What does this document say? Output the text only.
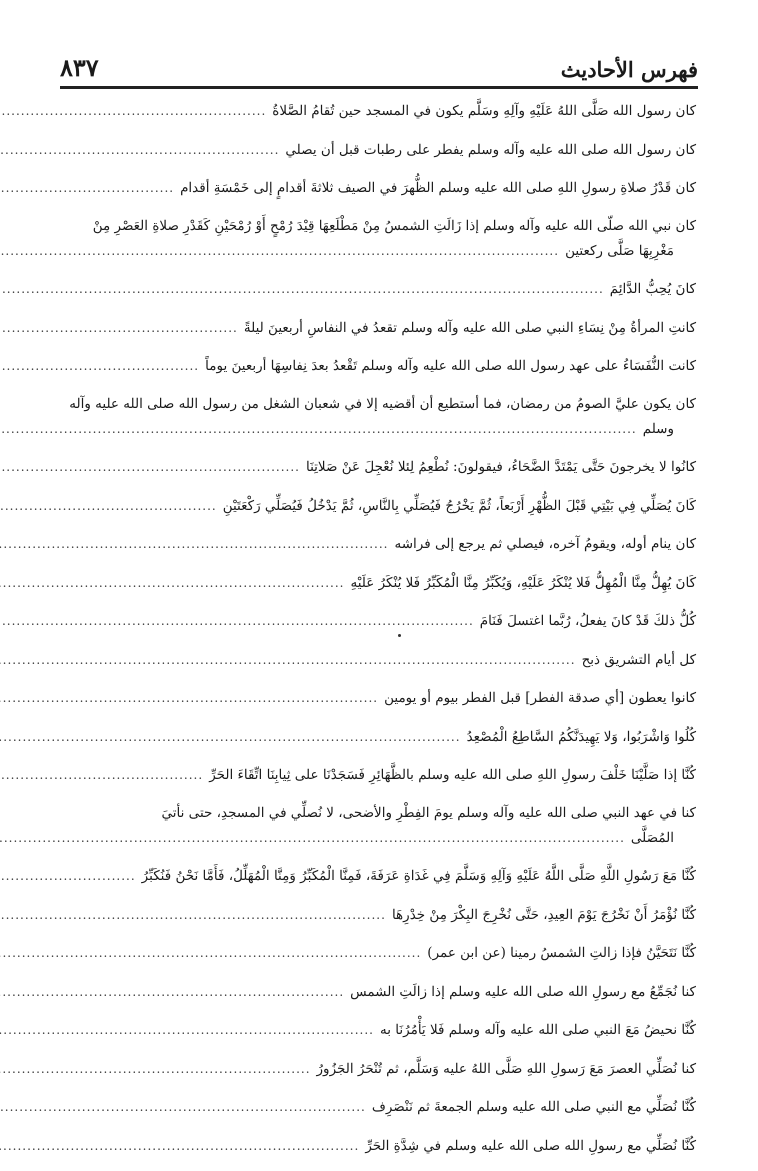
٨٣٧	فهرس الأحاديث
كان رسول الله صَلَّى اللهُ عَلَيْهِ وآلِهِ وسَلَّم يكون في المسجد حين تُقامُ الصَّلاةُ
.....
كان رسول الله صلى الله عليه وآله وسلم يفطر على رطبات قبل أن يصلي
.....
كان قَدْرُ صلاةِ رسولِ اللهِ صلى الله عليه وسلم الظُّهرَ في الصيف ثلاثةَ أقدامٍ إلى خَمْسَةِ أقدام
.....
كان نبي الله صلّى الله عليه وآله وسلم إذا زَالَتِ الشمسُ مِنْ مَطْلَعِهَا قِيْدَ رُمْحٍ أَوْ رُمْحَيْنِ كَقَدْرِ صلاةِ العَصْرِ مِنْ
مَغْرِبِهَا صَلَّى ركعتين
.....
كانَ يُحِبُّ الدَّائِمَ
.....
كانتِ المرأةُ مِنْ نِسَاءِ النبي صلى الله عليه وآله وسلم تقعدُ في النفاسِ أربعينَ ليلةً
.....
كانت النُّفَسَاءُ على عهد رسول الله صلى الله عليه وآله وسلم تَقْعدُ بعدَ نِفاسِهَا أربعينَ يوماً
.....
كان يكون عليَّ الصومُ من رمضان، فما أستطيع أن أقضيه إلا في شعبان الشغل من رسول الله صلى الله عليه وآله
وسلم
.....
كانُوا لا يخرجونَ حَتَّى يَمْتَدَّ الضَّحَاءُ، فيقولونَ: نُطْعِمُ لِئلا نُعْجِلَ عَنْ صَلاتِنَا
.....
كَانَ يُصَلِّي فِي بَيْتِي قَبْلَ الظُّهْرِ أَرْبَعاً، ثُمَّ يَخْرُجُ فَيُصَلِّي بِالنَّاسِ، ثُمَّ يَدْخُلُ فَيُصَلِّي رَكْعَتَيْنِ
.....
كان ينام أوله، ويقومُ آخره، فيصلي ثم يرجع إلى فراشه
.....
كَانَ يُهِلُّ مِنَّا الْمُهِلُّ فَلا يُنْكَرُ عَلَيْهِ، وَيُكَبِّرُ مِنَّا الْمُكَبِّرُ فَلا يُنْكَرُ عَلَيْهِ
.....
كُلُّ ذلكَ قَدْ كانَ يفعلُ، رُبَّما اغتسلَ فَنَامَ
.....
كل أيام التشريق ذبح
.....
كانوا يعطون [أي صدقة الفطر] قبل الفطر بيوم أو يومين
.....
كُلُوا وَاشْرَبُوا، وَلا يَهِيدَنَّكُمُ السَّاطِعُ الْمُصْعِدُ
.....
كُنَّا إذا صَلَّيْنَا خَلْفَ رسولِ اللهِ صلى الله عليه وسلم بالظَّهَائِرِ فَسَجَدْنَا على ثِيابِنَا اتِّقَاءَ الحَرِّ
.....
كنا في عهد النبي صلى الله عليه وآله وسلم يومَ الفِطْرِ والأضحى، لا نُصلِّي في المسجدِ، حتى نأتيَ
المُصَلَّى
.....
كُنَّا مَعَ رَسُولِ اللَّهِ صَلَّى اللَّهُ عَلَيْهِ وَآلِهِ وَسَلَّمَ فِي غَدَاةِ عَرَفَةَ، فَمِنَّا الْمُكَبِّرُ وَمِنَّا الْمُهَلِّلُ، فَأَمَّا نَحْنُ فَنُكَبِّرُ
.....
كُنَّا نُؤْمَرُ أَنْ نَخْرُجَ يَوْمَ العِيدِ، حَتَّى نُخْرِجَ البِكْرَ مِنْ خِدْرِهَا
.....
كُنَّا نَتَحَيَّنُ فإذا زالتِ الشمسُ رمينا (عن ابن عمر)
.....
كنا نُجَمِّعُ مع رسولِ الله صلى الله عليه وسلم إذا زالَتِ الشمس
.....
كُنَّا نحيضُ مَعَ النبي صلى الله عليه وآله وسلم فَلا يَأْمُرُنَا به
.....
كنا نُصَلِّي العصرَ مَعَ رَسولِ اللهِ صَلَّى اللهُ عليه وَسَلَّم، ثم تُنْحَرُ الجَزُورُ
.....
كُنَّا نُصَلِّي مع النبي صلى الله عليه وسلم الجمعةَ ثم نَنْصَرِف
.....
كُنَّا نُصَلِّي مع رسولِ الله صلى الله عليه وسلم في شِدَّةِ الحَرِّ
.....
